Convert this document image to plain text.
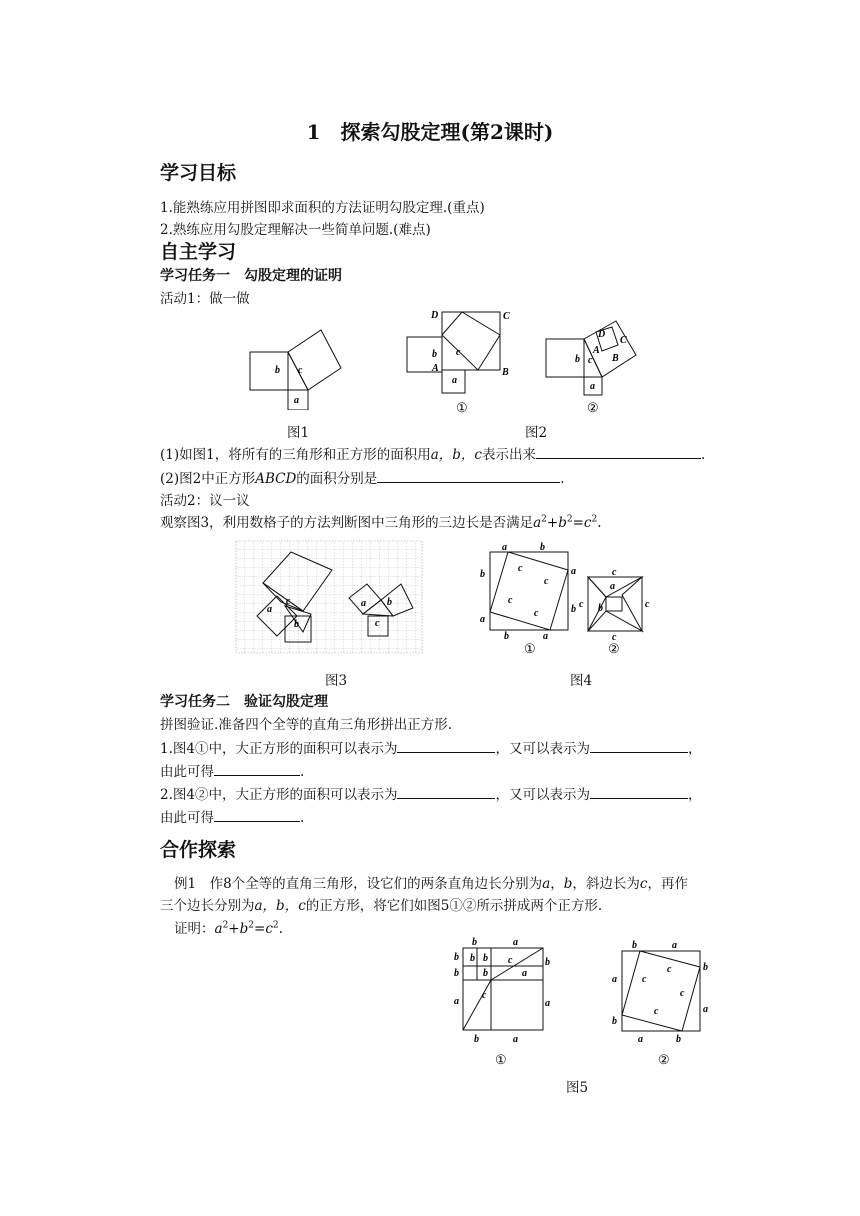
1　探索勾股定理(第2课时)
学习目标
1.能熟练应用拼图即求面积的方法证明勾股定理.(重点)
2.熟练应用勾股定理解决一些简单问题.(难点)
自主学习
学习任务一　勾股定理的证明
活动1：做一做
b c
a
D	C
b c
A	B
a
①
D
C
A
B
b c
a
②
图1	图2
(1)如图1，将所有的三角形和正方形的面积用a，b，c表示出来	.
(2)图2中正方形ABCD的面积分别是	.
活动2：议一议
观察图3，利用数格子的方法判断图中三角形的三边长是否满足$a^2+b^2=c^2$.
a
c
b
a b
c
a	b
b
a
a
b
b	a
c
c
c
c
①
c
c	c
c
a
b
②
图3	图4
学习任务二　验证勾股定理
拼图验证.准备四个全等的直角三角形拼出正方形.
1.图4①中，大正方形的面积可以表示为	，又可以表示为	，
由此可得	.
2.图4②中，大正方形的面积可以表示为	，又可以表示为	，
由此可得	.
合作探索
例1　作8个全等的直角三角形，设它们的两条直角边长分别为a，b，斜边长为c，再作
三个边长分别为a，b，c的正方形，将它们如图5①②所示拼成两个正方形.
证明：$a^2+b^2=c^2$.
b	a
b
b
a
b b
b
c
a
c
b
a
b	a
①
b	a
a
b
b
a
a	b
c
c
c
c
②
图5
